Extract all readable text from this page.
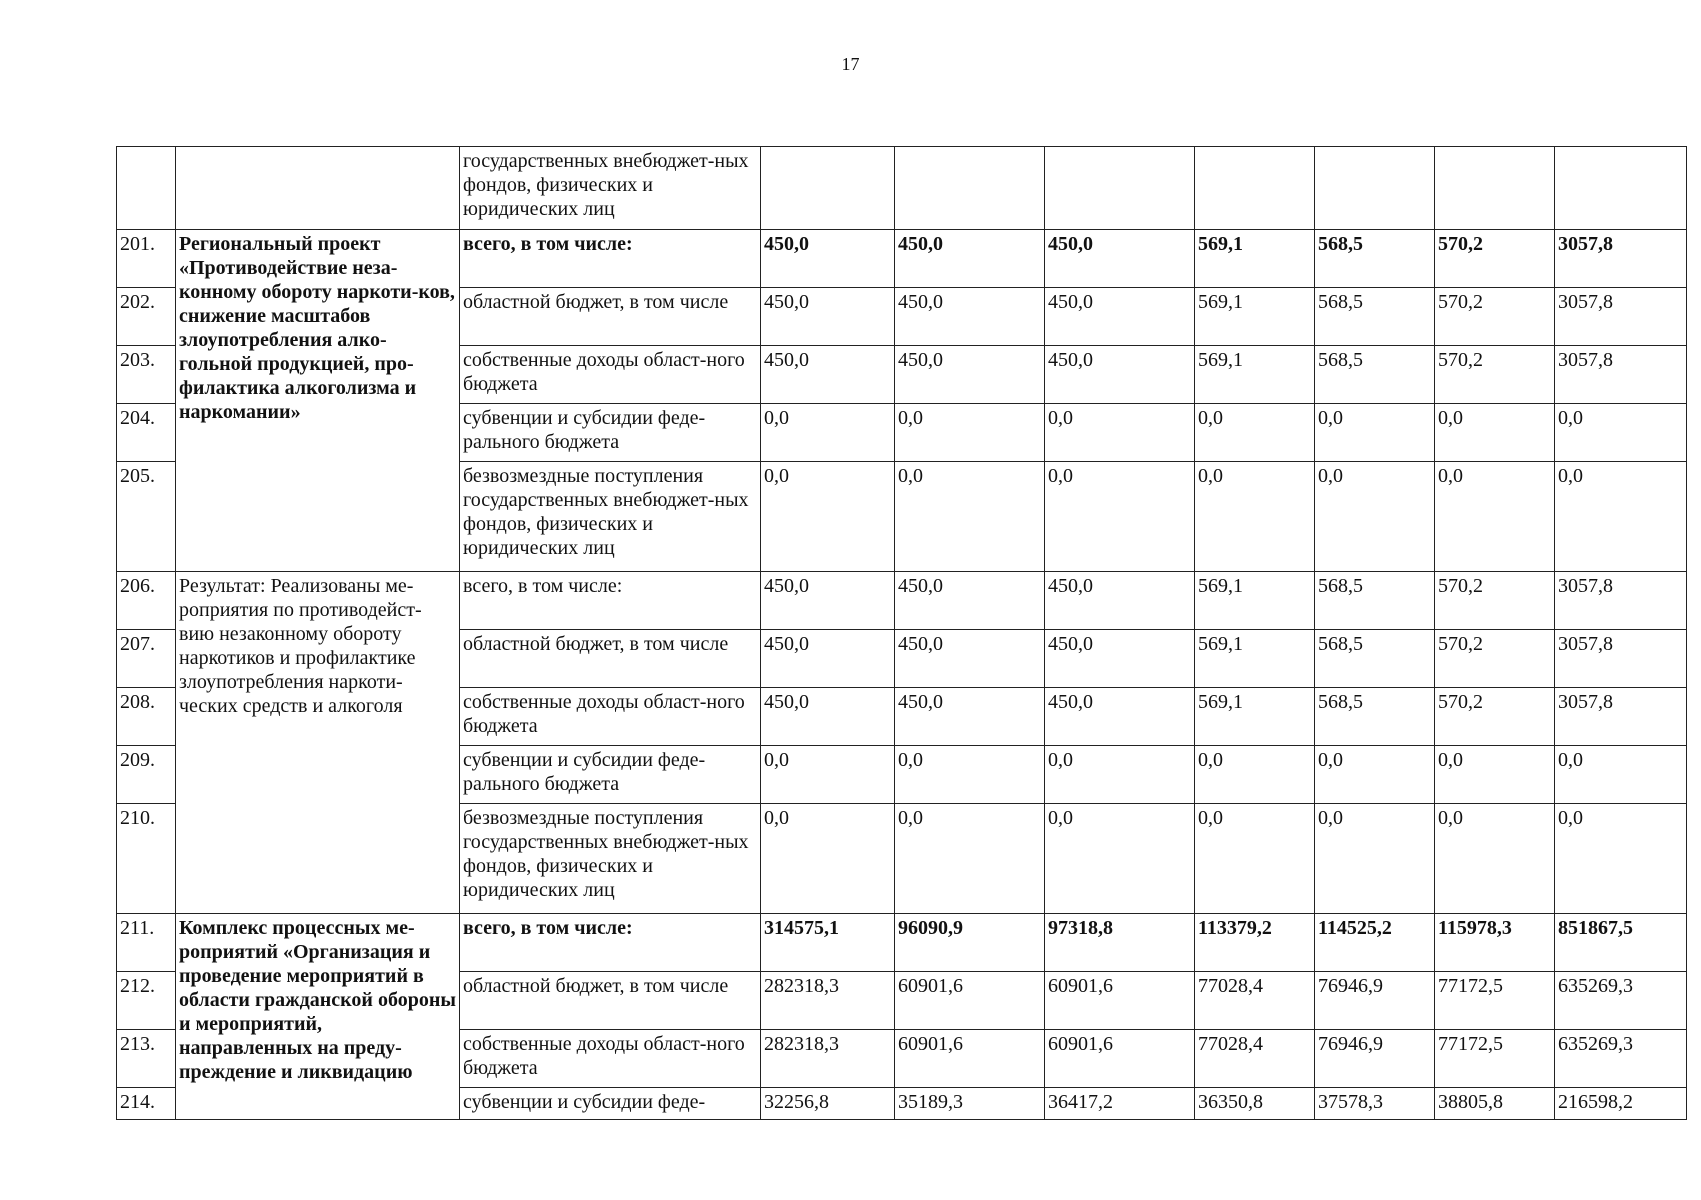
17
		государственных внебюджет-ных фондов, физических и юридических лиц							
201.	Региональный проект «Противодействие неза-конному обороту наркоти-ков, снижение масштабов злоупотребления алко-гольной продукцией, про-филактика алкоголизма и наркомании»	всего, в том числе:	450,0	450,0	450,0	569,1	568,5	570,2	3057,8
202.		областной бюджет, в том числе	450,0	450,0	450,0	569,1	568,5	570,2	3057,8
203.		собственные доходы област-ного бюджета	450,0	450,0	450,0	569,1	568,5	570,2	3057,8
204.		субвенции и субсидии феде-рального бюджета	0,0	0,0	0,0	0,0	0,0	0,0	0,0
205.		безвозмездные поступления государственных внебюджет-ных фондов, физических и юридических лиц	0,0	0,0	0,0	0,0	0,0	0,0	0,0
206.	Результат: Реализованы ме-роприятия по противодейст-вию незаконному обороту наркотиков и профилактике злоупотребления наркоти-ческих средств и алкоголя	всего, в том числе:	450,0	450,0	450,0	569,1	568,5	570,2	3057,8
207.		областной бюджет, в том числе	450,0	450,0	450,0	569,1	568,5	570,2	3057,8
208.		собственные доходы област-ного бюджета	450,0	450,0	450,0	569,1	568,5	570,2	3057,8
209.		субвенции и субсидии феде-рального бюджета	0,0	0,0	0,0	0,0	0,0	0,0	0,0
210.		безвозмездные поступления государственных внебюджет-ных фондов, физических и юридических лиц	0,0	0,0	0,0	0,0	0,0	0,0	0,0
211.	Комплекс процессных ме-роприятий «Организация и проведение мероприятий в области гражданской обороны и мероприятий, направленных на преду-преждение и ликвидацию	всего, в том числе:	314575,1	96090,9	97318,8	113379,2	114525,2	115978,3	851867,5
212.		областной бюджет, в том числе	282318,3	60901,6	60901,6	77028,4	76946,9	77172,5	635269,3
213.		собственные доходы област-ного бюджета	282318,3	60901,6	60901,6	77028,4	76946,9	77172,5	635269,3
214.		субвенции и субсидии феде-	32256,8	35189,3	36417,2	36350,8	37578,3	38805,8	216598,2
